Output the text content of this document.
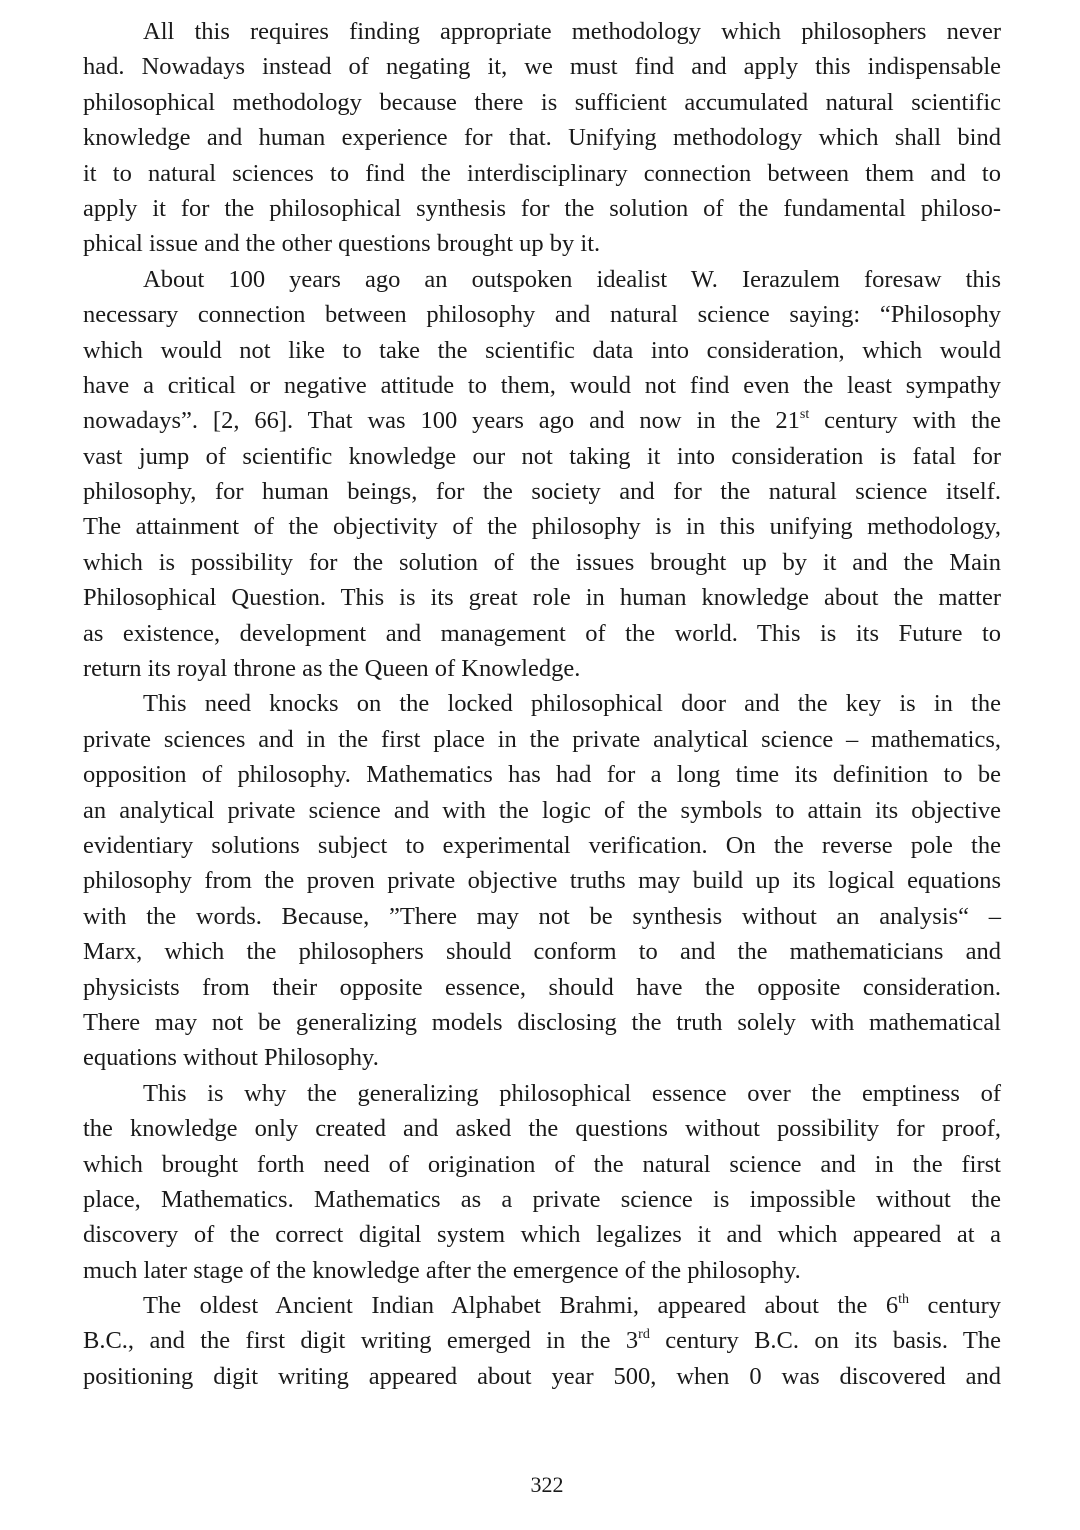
All this requires finding appropriate methodology which philosophers never
had. Nowadays instead of negating it, we must find and apply this indispensable
philosophical methodology because there is sufficient accumulated natural scientific
knowledge and human experience for that. Unifying methodology which shall bind
it to natural sciences to find the interdisciplinary connection between them and to
apply it for the philosophical synthesis for the solution of the fundamental philoso-
phical issue and the other questions brought up by it.
About 100 years ago an outspoken idealist W. Ierazulem foresaw this
necessary connection between philosophy and natural science saying: “Philosophy
which would not like to take the scientific data into consideration, which would
have a critical or negative attitude to them, would not find even the least sympathy
nowadays”. [2, 66]. That was 100 years ago and now in the 21st century with the
vast jump of scientific knowledge our not taking it into consideration is fatal for
philosophy, for human beings, for the society and for the natural science itself.
The attainment of the objectivity of the philosophy is in this unifying methodology,
which is possibility for the solution of the issues brought up by it and the Main
Philosophical Question. This is its great role in human knowledge about the matter
as existence, development and management of the world. This is its Future to
return its royal throne as the Queen of Knowledge.
This need knocks on the locked philosophical door and the key is in the
private sciences and in the first place in the private analytical science – mathematics,
opposition of philosophy. Mathematics has had for a long time its definition to be
an analytical private science and with the logic of the symbols to attain its objective
evidentiary solutions subject to experimental verification. On the reverse pole the
philosophy from the proven private objective truths may build up its logical equations
with the words. Because, ”There may not be synthesis without an analysis“ –
Marx, which the philosophers should conform to and the mathematicians and
physicists from their opposite essence, should have the opposite consideration.
There may not be generalizing models disclosing the truth solely with mathematical
equations without Philosophy.
This is why the generalizing philosophical essence over the emptiness of
the knowledge only created and asked the questions without possibility for proof,
which brought forth need of origination of the natural science and in the first
place, Mathematics. Mathematics as a private science is impossible without the
discovery of the correct digital system which legalizes it and which appeared at a
much later stage of the knowledge after the emergence of the philosophy.
The oldest Ancient Indian Alphabet Brahmi, appeared about the 6th century
B.C., and the first digit writing emerged in the 3rd century B.C. on its basis. The
positioning digit writing appeared about year 500, when 0 was discovered and
322
